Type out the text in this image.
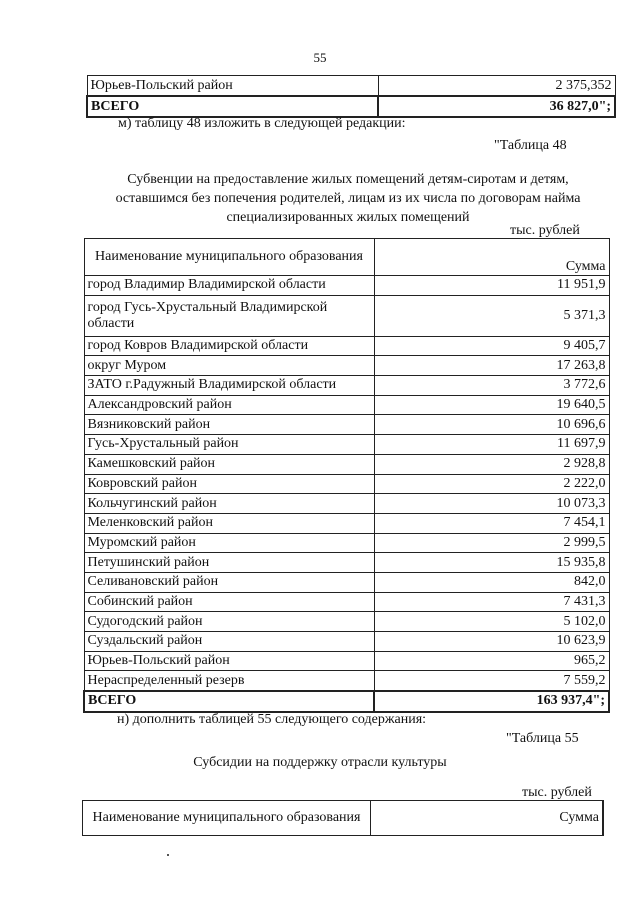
55
Юрьев-Польский район	2 375,352
ВСЕГО	36 827,0";
м) таблицу 48 изложить в следующей редакции:
"Таблица 48
Субвенции на предоставление жилых помещений детям-сиротам и детям,
оставшимся без попечения родителей, лицам из их числа по договорам найма
специализированных жилых помещений
тыс. рублей
Наименование муниципального образования	Сумма
город Владимир Владимирской области	11 951,9
город Гусь-Хрустальный Владимирской области	5 371,3
город Ковров Владимирской области	9 405,7
округ Муром	17 263,8
ЗАТО г.Радужный Владимирской области	3 772,6
Александровский район	19 640,5
Вязниковский район	10 696,6
Гусь-Хрустальный район	11 697,9
Камешковский район	2 928,8
Ковровский район	2 222,0
Кольчугинский район	10 073,3
Меленковский район	7 454,1
Муромский район	2 999,5
Петушинский район	15 935,8
Селивановский район	842,0
Собинский район	7 431,3
Судогодский район	5 102,0
Суздальский район	10 623,9
Юрьев-Польский район	965,2
Нераспределенный резерв	7 559,2
ВСЕГО	163 937,4";
н) дополнить таблицей 55 следующего содержания:
"Таблица 55
Субсидии на поддержку отрасли культуры
тыс. рублей
Наименование муниципального образования	Сумма
